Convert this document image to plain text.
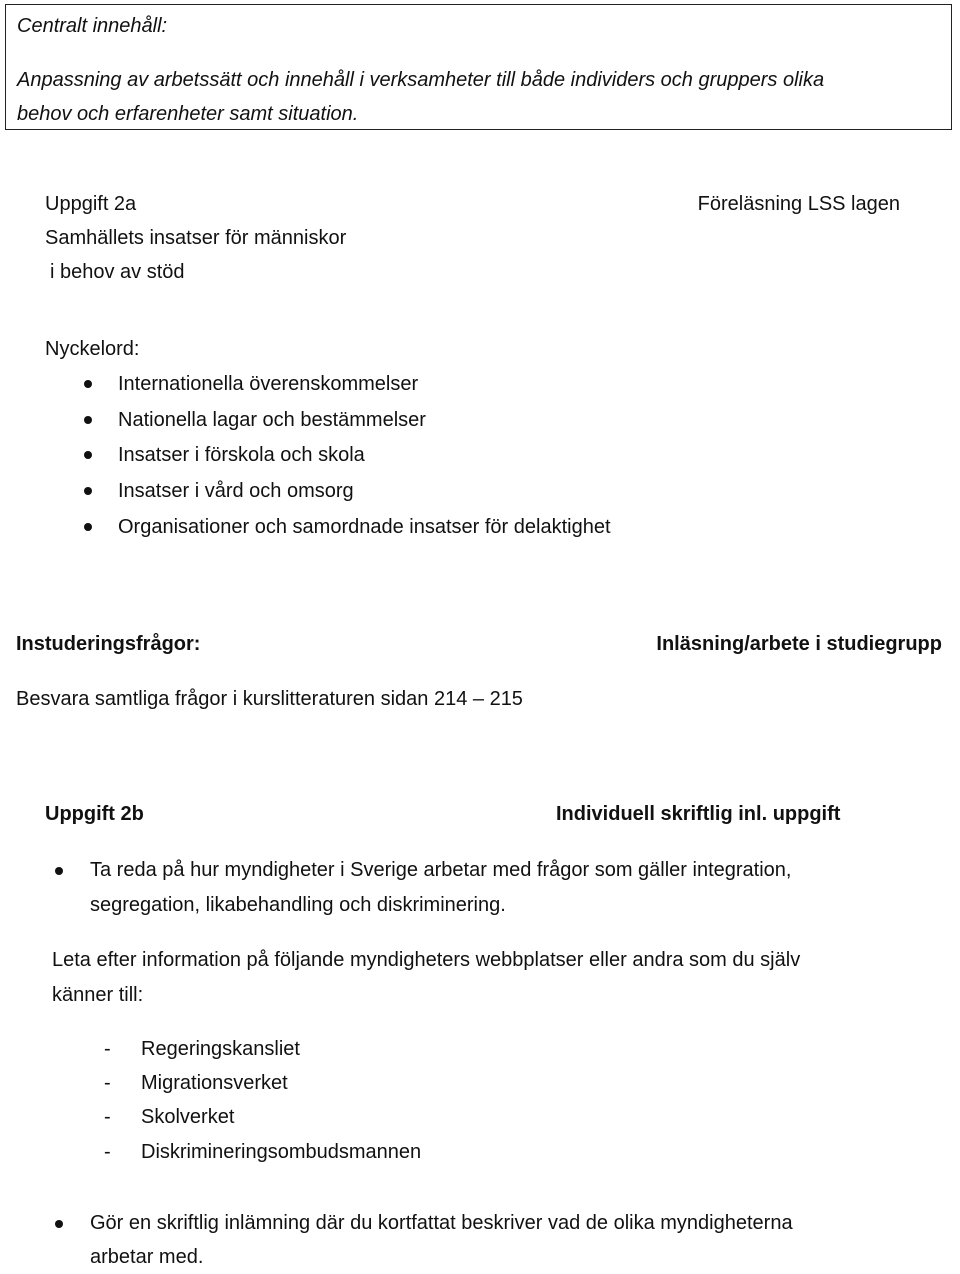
Centralt innehåll:
Anpassning av arbetssätt och innehåll i verksamheter till både individers och gruppers olika
behov och erfarenheter samt situation.
Uppgift 2a
Samhällets insatser för människor
i behov av stöd
Föreläsning LSS lagen
Nyckelord:
Internationella överenskommelser
Nationella lagar och bestämmelser
Insatser i förskola och skola
Insatser i vård och omsorg
Organisationer och samordnade insatser för delaktighet
Instuderingsfrågor:	Inläsning/arbete i studiegrupp
Besvara samtliga frågor i kurslitteraturen sidan 214 – 215
Uppgift 2b	Individuell skriftlig inl. uppgift
Ta reda på hur myndigheter i Sverige arbetar med frågor som gäller integration,
segregation, likabehandling och diskriminering.
Leta efter information på följande myndigheters webbplatser eller andra som du själv
känner till:
- Regeringskansliet
- Migrationsverket
- Skolverket
- Diskrimineringsombudsmannen
Gör en skriftlig inlämning där du kortfattat beskriver vad de olika myndigheterna
arbetar med.
